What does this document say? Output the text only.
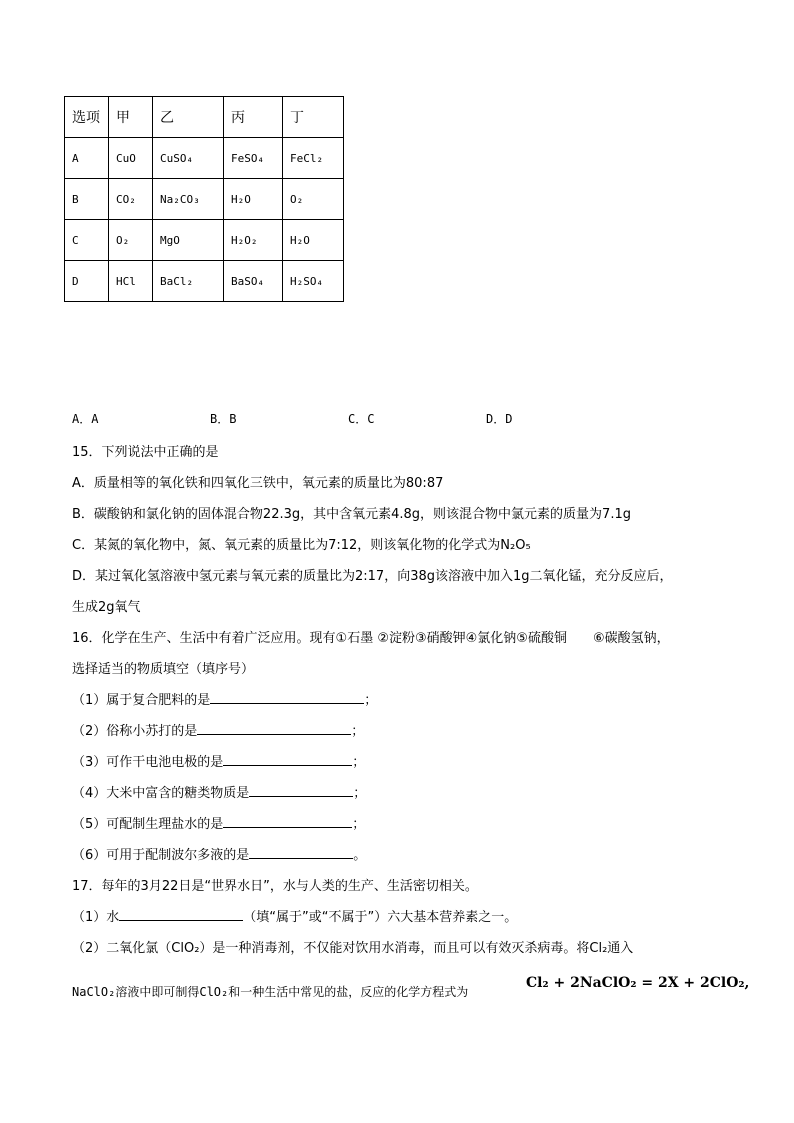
选项	甲	乙	丙	丁
A	CuO	CuSO₄	FeSO₄	FeCl₂
B	CO₂	Na₂CO₃	H₂O	O₂
C	O₂	MgO	H₂O₂	H₂O
D	HCl	BaCl₂	BaSO₄	H₂SO₄
A．A	B．B	C．C	D．D
15．下列说法中正确的是
A．质量相等的氧化铁和四氧化三铁中，氧元素的质量比为80:87
B．碳酸钠和氯化钠的固体混合物22.3g，其中含氧元素4.8g，则该混合物中氯元素的质量为7.1g
C．某氮的氧化物中，氮、氧元素的质量比为7:12，则该氧化物的化学式为N₂O₅
D．某过氧化氢溶液中氢元素与氧元素的质量比为2:17，向38g该溶液中加入1g二氧化锰，充分反应后，
生成2g氧气
16．化学在生产、生活中有着广泛应用。现有①石墨 ②淀粉③硝酸钾④氯化钠⑤硫酸铜　　⑥碳酸氢钠，
选择适当的物质填空（填序号）
（1）属于复合肥料的是	；
（2）俗称小苏打的是	；
（3）可作干电池电极的是	；
（4）大米中富含的糖类物质是	；
（5）可配制生理盐水的是	；
（6）可用于配制波尔多液的是	。
17．每年的3月22日是“世界水日”，水与人类的生产、生活密切相关。
（1）水	（填“属于”或“不属于”）六大基本营养素之一。
（2）二氧化氯（ClO₂）是一种消毒剂，不仅能对饮用水消毒，而且可以有效灭杀病毒。将Cl₂通入
NaClO₂溶液中即可制得ClO₂和一种生活中常见的盐，反应的化学方程式为
Cl₂ + 2NaClO₂ = 2X + 2ClO₂,
